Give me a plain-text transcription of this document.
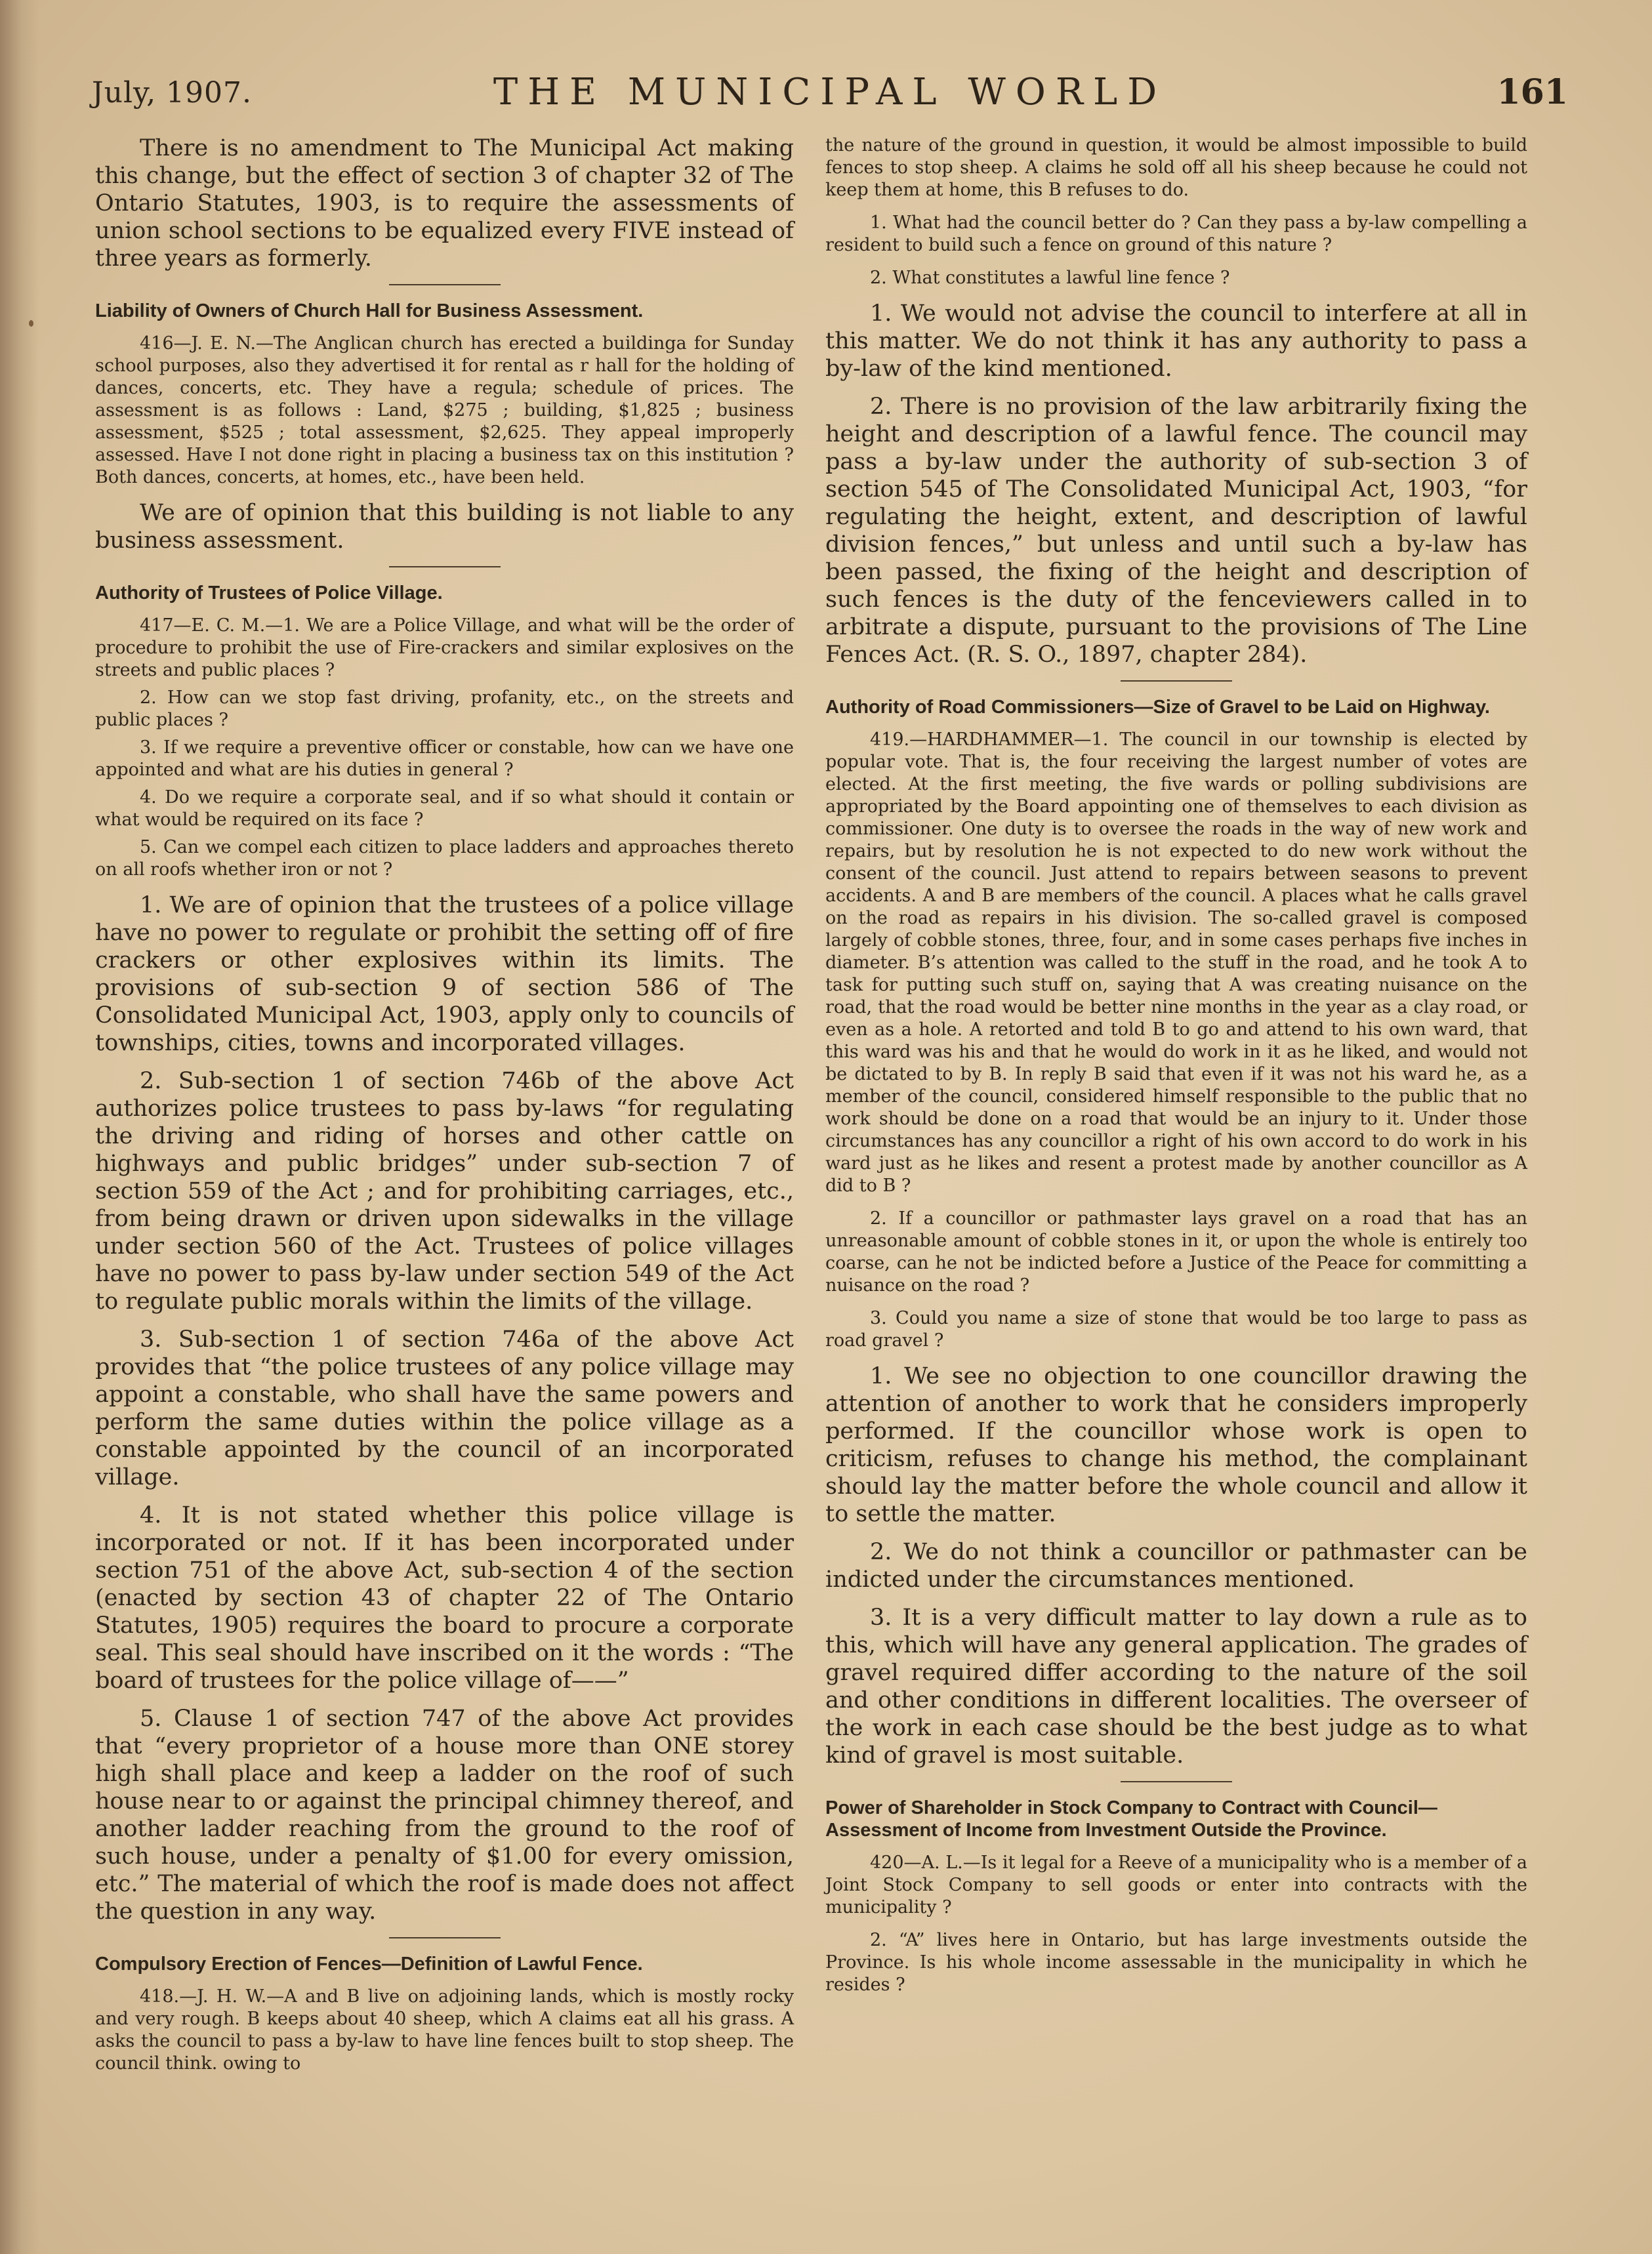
July, 1907.	THE MUNICIPAL WORLD	161

There is no amendment to The Municipal Act making this change, but the effect of section 3 of chapter 32 of The Ontario Statutes, 1903, is to require the assessments of union school sections to be equalized every FIVE instead of three years as formerly.

Liability of Owners of Church Hall for Business Assessment.

416—J. E. N.—The Anglican church has erected a buildinga for Sunday school purposes, also they advertised it for rental as r hall for the holding of dances, concerts, etc. They have a regula; schedule of prices. The assessment is as follows : Land, $275 ; building, $1,825 ; business assessment, $525 ; total assessment, $2,625. They appeal improperly assessed. Have I not done right in placing a business tax on this institution ? Both dances, concerts, at homes, etc., have been held.

We are of opinion that this building is not liable to any business assessment.

Authority of Trustees of Police Village.

417—E. C. M.—1. We are a Police Village, and what will be the order of procedure to prohibit the use of Fire-crackers and similar explosives on the streets and public places ?

2. How can we stop fast driving, profanity, etc., on the streets and public places ?

3. If we require a preventive officer or constable, how can we have one appointed and what are his duties in general ?

4. Do we require a corporate seal, and if so what should it contain or what would be required on its face ?

5. Can we compel each citizen to place ladders and approaches thereto on all roofs whether iron or not ?

1. We are of opinion that the trustees of a police village have no power to regulate or prohibit the setting off of fire crackers or other explosives within its limits. The provisions of sub-section 9 of section 586 of The Consolidated Municipal Act, 1903, apply only to councils of townships, cities, towns and incorporated villages.

2. Sub-section 1 of section 746b of the above Act authorizes police trustees to pass by-laws “for regulating the driving and riding of horses and other cattle on highways and public bridges” under sub-section 7 of section 559 of the Act ; and for prohibiting carriages, etc., from being drawn or driven upon sidewalks in the village under section 560 of the Act. Trustees of police villages have no power to pass by-law under section 549 of the Act to regulate public morals within the limits of the village.

3. Sub-section 1 of section 746a of the above Act provides that “the police trustees of any police village may appoint a constable, who shall have the same powers and perform the same duties within the police village as a constable appointed by the council of an incorporated village.

4. It is not stated whether this police village is incorporated or not. If it has been incorporated under section 751 of the above Act, sub-section 4 of the section (enacted by section 43 of chapter 22 of The Ontario Statutes, 1905) requires the board to procure a corporate seal. This seal should have inscribed on it the words : “The board of trustees for the police village of——”

5. Clause 1 of section 747 of the above Act provides that “every proprietor of a house more than ONE storey high shall place and keep a ladder on the roof of such house near to or against the principal chimney thereof, and another ladder reaching from the ground to the roof of such house, under a penalty of $1.00 for every omission, etc.” The material of which the roof is made does not affect the question in any way.

Compulsory Erection of Fences—Definition of Lawful Fence.

418.—J. H. W.—A and B live on adjoining lands, which is mostly rocky and very rough. B keeps about 40 sheep, which A claims eat all his grass. A asks the council to pass a by-law to have line fences built to stop sheep. The council think. owing to

the nature of the ground in question, it would be almost impossible to build fences to stop sheep. A claims he sold off all his sheep because he could not keep them at home, this B refuses to do.

1. What had the council better do ? Can they pass a by-law compelling a resident to build such a fence on ground of this nature ?

2. What constitutes a lawful line fence ?

1. We would not advise the council to interfere at all in this matter. We do not think it has any authority to pass a by-law of the kind mentioned.

2. There is no provision of the law arbitrarily fixing the height and description of a lawful fence. The council may pass a by-law under the authority of sub-section 3 of section 545 of The Consolidated Municipal Act, 1903, “for regulating the height, extent, and description of lawful division fences,” but unless and until such a by-law has been passed, the fixing of the height and description of such fences is the duty of the fenceviewers called in to arbitrate a dispute, pursuant to the provisions of The Line Fences Act. (R. S. O., 1897, chapter 284).

Authority of Road Commissioners—Size of Gravel to be Laid on Highway.

419.—HARDHAMMER—1. The council in our township is elected by popular vote. That is, the four receiving the largest number of votes are elected. At the first meeting, the five wards or polling subdivisions are appropriated by the Board appointing one of themselves to each division as commissioner. One duty is to oversee the roads in the way of new work and repairs, but by resolution he is not expected to do new work without the consent of the council. Just attend to repairs between seasons to prevent accidents. A and B are members of the council. A places what he calls gravel on the road as repairs in his division. The so-called gravel is composed largely of cobble stones, three, four, and in some cases perhaps five inches in diameter. B’s attention was called to the stuff in the road, and he took A to task for putting such stuff on, saying that A was creating nuisance on the road, that the road would be better nine months in the year as a clay road, or even as a hole. A retorted and told B to go and attend to his own ward, that this ward was his and that he would do work in it as he liked, and would not be dictated to by B. In reply B said that even if it was not his ward he, as a member of the council, considered himself responsible to the public that no work should be done on a road that would be an injury to it. Under those circumstances has any councillor a right of his own accord to do work in his ward just as he likes and resent a protest made by another councillor as A did to B ?

2. If a councillor or pathmaster lays gravel on a road that has an unreasonable amount of cobble stones in it, or upon the whole is entirely too coarse, can he not be indicted before a Justice of the Peace for committing a nuisance on the road ?

3. Could you name a size of stone that would be too large to pass as road gravel ?

1. We see no objection to one councillor drawing the attention of another to work that he considers improperly performed. If the councillor whose work is open to criticism, refuses to change his method, the complainant should lay the matter before the whole council and allow it to settle the matter.

2. We do not think a councillor or pathmaster can be indicted under the circumstances mentioned.

3. It is a very difficult matter to lay down a rule as to this, which will have any general application. The grades of gravel required differ according to the nature of the soil and other conditions in different localities. The overseer of the work in each case should be the best judge as to what kind of gravel is most suitable.

Power of Shareholder in Stock Company to Contract with Council—Assessment of Income from Investment Outside the Province.

420—A. L.—Is it legal for a Reeve of a municipality who is a member of a Joint Stock Company to sell goods or enter into contracts with the municipality ?

2. “A” lives here in Ontario, but has large investments outside the Province. Is his whole income assessable in the municipality in which he resides ?
